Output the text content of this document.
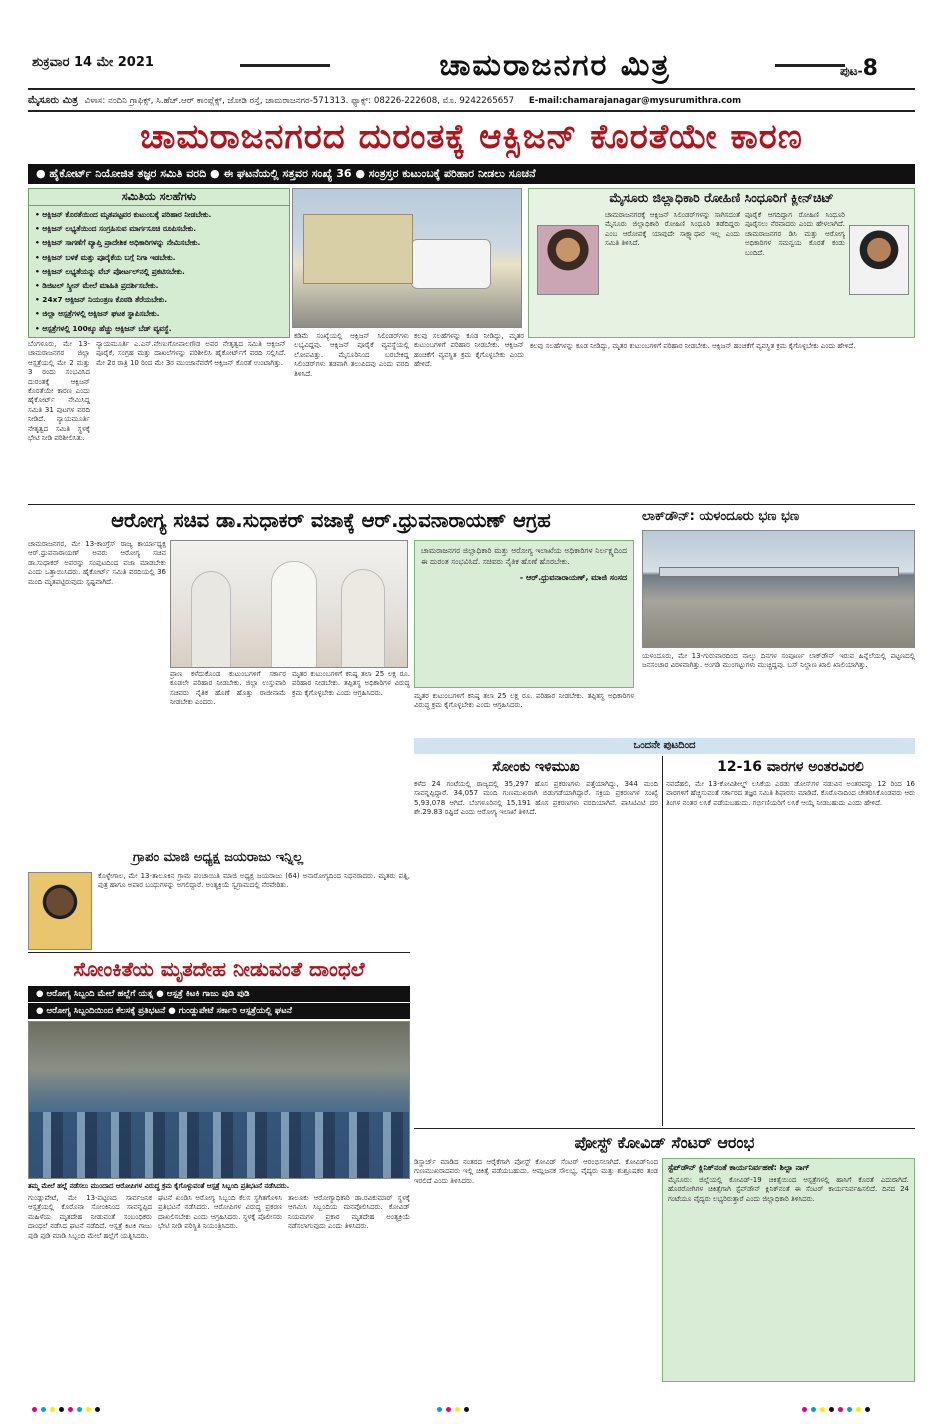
ಶುಕ್ರವಾರ 14 ಮೇ 2021	ಚಾಮರಾಜನಗರ ಮಿತ್ರ	ಪುಟ-8
ಮೈಸೂರು ಮಿತ್ರ ವಿಳಾಸ: ನಂದಿನಿ ಗ್ರಾಫಿಕ್ಸ್, ಸಿ.ಹೆಚ್.ಆರ್ ಕಾಂಪ್ಲೆಕ್ಸ್, ಜೋಡಿ ರಸ್ತೆ, ಚಾಮರಾಜನಗರ-571313. ಫ್ಯಾಕ್ಸ್: 08226-222608, ಮೊ. 9242265657 E-mail:chamarajanagar@mysurumithra.com
ಚಾಮರಾಜನಗರದ ದುರಂತಕ್ಕೆ ಆಕ್ಸಿಜನ್ ಕೊರತೆಯೇ ಕಾರಣ
● ಹೈಕೋರ್ಟ್ ನಿಯೋಜಿತ ತಜ್ಞರ ಸಮಿತಿ ವರದಿ ● ಈ ಘಟನೆಯಲ್ಲಿ ಸತ್ತವರ ಸಂಖ್ಯೆ 36 ● ಸಂತ್ರಸ್ತರ ಕುಟುಂಬಕ್ಕೆ ಪರಿಹಾರ ನೀಡಲು ಸೂಚನೆ
ಸಮಿತಿಯ ಸಲಹೆಗಳು
• ಆಕ್ಸಿಜನ್ ಕೊರತೆಯಿಂದ ಮೃತಪಟ್ಟವರ ಕುಟುಂಬಕ್ಕೆ ಪರಿಹಾರ ನೀಡಬೇಕು.
• ಆಕ್ಸಿಜನ್ ಲಭ್ಯತೆಯಿಂದ ಸಂಗ್ರಹಿಸುವ ಮಾರ್ಗಸೂಚಿ ರೂಪಿಸಬೇಕು.
• ಆಕ್ಸಿಜನ್ ಸಾಗಣೆಗೆ ವ್ಯಾಪ್ತಿ ಪ್ರಾದೇಶಿಕ ಅಧಿಕಾರಿಗಳನ್ನು ನೇಮಿಸಬೇಕು.
• ಆಕ್ಸಿಜನ್ ಬಳಕೆ ಮತ್ತು ಪೂರೈಕೆಯ ಬಗ್ಗೆ ನಿಗಾ ಇಡಬೇಕು.
• ಆಕ್ಸಿಜನ್ ಲಭ್ಯತೆಯನ್ನು ವೆಬ್ ಪೋರ್ಟಲ್‌ನಲ್ಲಿ ಪ್ರಕಟಿಸಬೇಕು.
• ಡಿಜಿಟಲ್ ಸ್ಕ್ರೀನ್ ಮೇಲೆ ಮಾಹಿತಿ ಪ್ರದರ್ಶಿಸಬೇಕು.
• 24x7 ಆಕ್ಸಿಜನ್ ನಿಯಂತ್ರಣ ಕೊಠಡಿ ತೆರೆಯಬೇಕು.
• ಜಿಲ್ಲಾ ಆಸ್ಪತ್ರೆಗಳಲ್ಲಿ ಆಕ್ಸಿಜನ್ ಘಟಕ ಸ್ಥಾಪಿಸಬೇಕು.
• ಆಸ್ಪತ್ರೆಗಳಲ್ಲಿ 100ಕ್ಕೂ ಹೆಚ್ಚು ಆಕ್ಸಿಜನ್ ಬೆಡ್ ವ್ಯವಸ್ಥೆ.
ಬೆಂಗಳೂರು, ಮೇ 13-ಚಾಮರಾಜನಗರ ಜಿಲ್ಲಾ ಆಸ್ಪತ್ರೆಯಲ್ಲಿ ಮೇ 2 ಮತ್ತು 3 ರಂದು ಸಂಭವಿಸಿದ ದುರಂತಕ್ಕೆ ಆಕ್ಸಿಜನ್ ಕೊರತೆಯೇ ಕಾರಣ ಎಂದು ಹೈಕೋರ್ಟ್ ನೇಮಿಸಿದ್ದ ಸಮಿತಿ 31 ಪುಟಗಳ ವರದಿ ನೀಡಿದೆ. ನ್ಯಾಯಮೂರ್ತಿ ನೇತೃತ್ವದ ಸಮಿತಿ ಸ್ಥಳಕ್ಕೆ ಭೇಟಿ ನೀಡಿ ಪರಿಶೀಲಿಸಿತು.
ನ್ಯಾಯಮೂರ್ತಿ ಎ.ಎನ್.ವೇಣುಗೋಪಾಲಗೌಡ ಅವರ ನೇತೃತ್ವದ ಸಮಿತಿ ಆಕ್ಸಿಜನ್ ಪೂರೈಕೆ, ಸಂಗ್ರಹ ಮತ್ತು ದಾಖಲೆಗಳನ್ನು ಪರಿಶೀಲಿಸಿ ಹೈಕೋರ್ಟ್‌ಗೆ ವರದಿ ಸಲ್ಲಿಸಿದೆ. ಮೇ 2ರ ರಾತ್ರಿ 10 ರಿಂದ ಮೇ 3ರ ಮುಂಜಾನೆವರೆಗೆ ಆಕ್ಸಿಜನ್ ಕೊರತೆ ಉಂಟಾಗಿತ್ತು.
ಕಡಿಮೆ ಸಂಖ್ಯೆಯಲ್ಲಿ ಆಕ್ಸಿಜನ್ ಸಿಲಿಂಡರ್‌ಗಳು ಲಭ್ಯವಿದ್ದವು. ಆಕ್ಸಿಜನ್ ಪೂರೈಕೆ ವ್ಯವಸ್ಥೆಯಲ್ಲಿ ಲೋಪವಿತ್ತು. ಮೈಸೂರಿನಿಂದ ಬರಬೇಕಿದ್ದ ಸಿಲಿಂಡರ್‌ಗಳು ತಡವಾಗಿ ತಲುಪಿದವು ಎಂದು ವರದಿ ತಿಳಿಸಿದೆ.
ಕಲವು ಸಲಹೆಗಳನ್ನು ಕೂಡ ನೀಡಿದ್ದು, ಮೃತರ ಕುಟುಂಬಗಳಿಗೆ ಪರಿಹಾರ ನೀಡಬೇಕು. ಆಕ್ಸಿಜನ್ ಹಂಚಿಕೆಗೆ ವ್ಯವಸ್ಥಿತ ಕ್ರಮ ಕೈಗೊಳ್ಳಬೇಕು ಎಂದು ಹೇಳಿದೆ.
ಮೈಸೂರು ಜಿಲ್ಲಾಧಿಕಾರಿ ರೋಹಿಣಿ ಸಿಂಧೂರಿಗೆ ಕ್ಲೀನ್‌ಚಿಟ್
ಚಾಮರಾಜನಗರಕ್ಕೆ ಆಕ್ಸಿಜನ್ ಸಿಲಿಂಡರ್‌ಗಳನ್ನು ಸಾಗಿಸದಂತೆ ಮೈಸೂರು ಜಿಲ್ಲಾಧಿಕಾರಿ ರೋಹಿಣಿ ಸಿಂಧೂರಿ ತಡೆದಿದ್ದರು ಎಂಬ ಆರೋಪಕ್ಕೆ ಯಾವುದೇ ಸಾಕ್ಷ್ಯಾಧಾರ ಇಲ್ಲ ಎಂದು ಸಮಿತಿ ತಿಳಿಸಿದೆ.
ಪೂರೈಕೆ ಆಗದಿದ್ದಾಗ ರೋಹಿಣಿ ಸಿಂಧೂರಿ ಪೂರೈಸಲು ನೆರವಾದರು ಎಂದು ಹೇಳಲಾಗಿದೆ. ಚಾಮರಾಜನಗರ ಡಿಸಿ ಮತ್ತು ಆರೋಗ್ಯ ಅಧಿಕಾರಿಗಳ ಸಮನ್ವಯ ಕೊರತೆ ಕಂಡು ಬಂದಿದೆ.
ಕಲವು ಸಲಹೆಗಳನ್ನು ಕೂಡ ನೀಡಿದ್ದು, ಮೃತರ ಕುಟುಂಬಗಳಿಗೆ ಪರಿಹಾರ ನೀಡಬೇಕು. ಆಕ್ಸಿಜನ್ ಹಂಚಿಕೆಗೆ ವ್ಯವಸ್ಥಿತ ಕ್ರಮ ಕೈಗೊಳ್ಳಬೇಕು ಎಂದು ಹೇಳಿದೆ.
ಆರೋಗ್ಯ ಸಚಿವ ಡಾ.ಸುಧಾಕರ್ ವಜಾಕ್ಕೆ ಆರ್.ಧ್ರುವನಾರಾಯಣ್ ಆಗ್ರಹ
ಚಾಮರಾಜನಗರ, ಮೇ 13-ಕಾಂಗ್ರೆಸ್ ರಾಜ್ಯ ಕಾರ್ಯಾಧ್ಯಕ್ಷ ಆರ್.ಧ್ರುವನಾರಾಯಣ್ ಅವರು ಆರೋಗ್ಯ ಸಚಿವ ಡಾ.ಸುಧಾಕರ್ ಅವರನ್ನು ಸಂಪುಟದಿಂದ ವಜಾ ಮಾಡಬೇಕು ಎಂದು ಒತ್ತಾಯಿಸಿದರು. ಹೈಕೋರ್ಟ್ ಸಮಿತಿ ವರದಿಯಲ್ಲಿ 36 ಮಂದಿ ಮೃತಪಟ್ಟಿರುವುದು ಸ್ಪಷ್ಟವಾಗಿದೆ.
ಪ್ರಾಣ ಕಳೆದುಕೊಂಡ ಕುಟುಂಬಗಳಿಗೆ ಸರ್ಕಾರ ಕೂಡಲೇ ಪರಿಹಾರ ನೀಡಬೇಕು. ಜಿಲ್ಲಾ ಉಸ್ತುವಾರಿ ಸಚಿವರು ನೈತಿಕ ಹೊಣೆ ಹೊತ್ತು ರಾಜೀನಾಮೆ ನೀಡಬೇಕು ಎಂದರು.
ಮೃತರ ಕುಟುಂಬಗಳಿಗೆ ಕನಿಷ್ಠ ತಲಾ 25 ಲಕ್ಷ ರೂ. ಪರಿಹಾರ ನೀಡಬೇಕು. ತಪ್ಪಿತಸ್ಥ ಅಧಿಕಾರಿಗಳ ವಿರುದ್ಧ ಕ್ರಮ ಕೈಗೊಳ್ಳಬೇಕು ಎಂದು ಆಗ್ರಹಿಸಿದರು.
ಚಾಮರಾಜನಗರ ಜಿಲ್ಲಾಧಿಕಾರಿ ಮತ್ತು ಆರೋಗ್ಯ ಇಲಾಖೆಯ ಅಧಿಕಾರಿಗಳ ನಿರ್ಲಕ್ಷ್ಯದಿಂದ ಈ ದುರಂತ ಸಂಭವಿಸಿದೆ. ಸಚಿವರು ನೈತಿಕ ಹೊಣೆ ಹೊರಬೇಕು.
- ಆರ್.ಧ್ರುವನಾರಾಯಣ್, ಮಾಜಿ ಸಂಸದ
ಮೃತರ ಕುಟುಂಬಗಳಿಗೆ ಕನಿಷ್ಠ ತಲಾ 25 ಲಕ್ಷ ರೂ. ಪರಿಹಾರ ನೀಡಬೇಕು. ತಪ್ಪಿತಸ್ಥ ಅಧಿಕಾರಿಗಳ ವಿರುದ್ಧ ಕ್ರಮ ಕೈಗೊಳ್ಳಬೇಕು ಎಂದು ಆಗ್ರಹಿಸಿದರು.
ಲಾಕ್‌ಡೌನ್: ಯಳಂದೂರು ಭಣ ಭಣ
ಯಳಂದೂರು, ಮೇ 13-ಗುರುವಾರದಿಂದ ನಾಲ್ಕು ದಿನಗಳ ಸಂಪೂರ್ಣ ಲಾಕ್‌ಡೌನ್ ಇರುವ ಹಿನ್ನೆಲೆಯಲ್ಲಿ ಪಟ್ಟಣದಲ್ಲಿ ಜನಸಂಚಾರ ವಿರಳವಾಗಿತ್ತು. ಅಂಗಡಿ ಮುಂಗಟ್ಟುಗಳು ಮುಚ್ಚಿದ್ದವು. ಬಸ್ ನಿಲ್ದಾಣ ಖಾಲಿ ಖಾಲಿಯಾಗಿತ್ತು.
ಗ್ರಾಪಂ ಮಾಜಿ ಅಧ್ಯಕ್ಷ ಜಯರಾಜು ಇನ್ನಿಲ್ಲ
ಕೊಳ್ಳೇಗಾಲ, ಮೇ 13-ತಾಲೂಕಿನ ಗ್ರಾಮ ಪಂಚಾಯಿತಿ ಮಾಜಿ ಅಧ್ಯಕ್ಷ ಜಯರಾಜು (64) ಅನಾರೋಗ್ಯದಿಂದ ನಿಧನರಾದರು. ಮೃತರು ಪತ್ನಿ, ಪುತ್ರ ಹಾಗೂ ಅಪಾರ ಬಂಧುಗಳನ್ನು ಅಗಲಿದ್ದಾರೆ. ಅಂತ್ಯಕ್ರಿಯೆ ಸ್ವಗ್ರಾಮದಲ್ಲಿ ನೆರವೇರಿತು.
ಸೋಂಕಿತೆಯ ಮೃತದೇಹ ನೀಡುವಂತೆ ದಾಂಧಲೆ
● ಆರೋಗ್ಯ ಸಿಬ್ಬಂದಿ ಮೇಲೆ ಹಲ್ಲೆಗೆ ಯತ್ನ ● ಆಸ್ಪತ್ರೆ ಕಿಟಕಿ ಗಾಜು ಪುಡಿ ಪುಡಿ
● ಆರೋಗ್ಯ ಸಿಬ್ಬಂದಿಯಿಂದ ಕೆಲಸಕ್ಕೆ ಪ್ರತಿಭಟನೆ ● ಗುಂಡ್ಲುಪೇಟೆ ಸರ್ಕಾರಿ ಆಸ್ಪತ್ರೆಯಲ್ಲಿ ಘಟನೆ
ತಮ್ಮ ಮೇಲೆ ಹಲ್ಲೆ ನಡೆಸಲು ಮುಂದಾದ ಆರೋಪಿಗಳ ವಿರುದ್ಧ ಕ್ರಮ ಕೈಗೊಳ್ಳುವಂತೆ ಆಸ್ಪತ್ರೆ ಸಿಬ್ಬಂದಿ ಪ್ರತಿಭಟನೆ ನಡೆಸಿದರು.
ಗುಂಡ್ಲುಪೇಟೆ, ಮೇ 13-ಪಟ್ಟಣದ ಸಾರ್ವಜನಿಕ ಆಸ್ಪತ್ರೆಯಲ್ಲಿ ಕೊರೊನಾ ಸೋಂಕಿನಿಂದ ಸಾವನ್ನಪ್ಪಿದ ಮಹಿಳೆಯ ಮೃತದೇಹ ನೀಡುವಂತೆ ಸಂಬಂಧಿಕರು ದಾಂಧಲೆ ನಡೆಸಿದ ಘಟನೆ ನಡೆದಿದೆ. ಆಸ್ಪತ್ರೆ ಕಿಟಕಿ ಗಾಜು ಪುಡಿ ಪುಡಿ ಮಾಡಿ ಸಿಬ್ಬಂದಿ ಮೇಲೆ ಹಲ್ಲೆಗೆ ಯತ್ನಿಸಿದರು.
ಘಟನೆ ಖಂಡಿಸಿ ಆರೋಗ್ಯ ಸಿಬ್ಬಂದಿ ಕೆಲಸ ಸ್ಥಗಿತಗೊಳಿಸಿ ಪ್ರತಿಭಟನೆ ನಡೆಸಿದರು. ಆರೋಪಿಗಳ ವಿರುದ್ಧ ಪ್ರಕರಣ ದಾಖಲಿಸಬೇಕು ಎಂದು ಆಗ್ರಹಿಸಿದರು. ಸ್ಥಳಕ್ಕೆ ಪೊಲೀಸರು ಭೇಟಿ ನೀಡಿ ಪರಿಸ್ಥಿತಿ ನಿಯಂತ್ರಿಸಿದರು.
ತಾಲೂಕು ಆರೋಗ್ಯಾಧಿಕಾರಿ ಡಾ.ರವಿಕುಮಾರ್ ಸ್ಥಳಕ್ಕೆ ಆಗಮಿಸಿ ಸಿಬ್ಬಂದಿಯ ಮನವೊಲಿಸಿದರು. ಕೋವಿಡ್ ನಿಯಮಗಳ ಪ್ರಕಾರ ಮೃತದೇಹ ಅಂತ್ಯಕ್ರಿಯೆ ನಡೆಸಲಾಗುವುದು ಎಂದು ತಿಳಿಸಿದರು.
ಒಂದನೇ ಪುಟದಿಂದ
ಸೋಂಕು ಇಳಿಮುಖ
ಕಳೆದ 24 ಗಂಟೆಯಲ್ಲಿ ರಾಜ್ಯದಲ್ಲಿ 35,297 ಹೊಸ ಪ್ರಕರಣಗಳು ಪತ್ತೆಯಾಗಿದ್ದು, 344 ಮಂದಿ ಸಾವನ್ನಪ್ಪಿದ್ದಾರೆ. 34,057 ಮಂದಿ ಗುಣಮುಖರಾಗಿ ಬಿಡುಗಡೆಯಾಗಿದ್ದಾರೆ. ಸಕ್ರಿಯ ಪ್ರಕರಣಗಳ ಸಂಖ್ಯೆ 5,93,078 ಆಗಿದೆ. ಬೆಂಗಳೂರಿನಲ್ಲಿ 15,191 ಹೊಸ ಪ್ರಕರಣಗಳು ವರದಿಯಾಗಿವೆ. ಪಾಸಿಟಿವಿಟಿ ದರ ಶೇ.29.83 ರಷ್ಟಿದೆ ಎಂದು ಆರೋಗ್ಯ ಇಲಾಖೆ ತಿಳಿಸಿದೆ.
12-16 ವಾರಗಳ ಅಂತರವಿರಲಿ
ನವದೆಹಲಿ, ಮೇ 13-ಕೋವಿಶೀಲ್ಡ್ ಲಸಿಕೆಯ ಎರಡು ಡೋಸ್‌ಗಳ ನಡುವಿನ ಅಂತರವನ್ನು 12 ರಿಂದ 16 ವಾರಗಳಿಗೆ ಹೆಚ್ಚಿಸುವಂತೆ ಸರ್ಕಾರದ ತಜ್ಞರ ಸಮಿತಿ ಶಿಫಾರಸು ಮಾಡಿದೆ. ಕೊರೊನಾದಿಂದ ಚೇತರಿಸಿಕೊಂಡವರು ಆರು ತಿಂಗಳ ನಂತರ ಲಸಿಕೆ ಪಡೆಯಬಹುದು. ಗರ್ಭಿಣಿಯರಿಗೆ ಲಸಿಕೆ ಆಯ್ಕೆ ನೀಡಬಹುದು ಎಂದು ಹೇಳಿದೆ.
ಪೋಸ್ಟ್ ಕೋವಿಡ್ ಸೆಂಟರ್ ಆರಂಭ
ಡಿಸ್ಚಾರ್ಜ್ ಮಾಡಿದ ನಂತರದ ಆರೈಕೆಗಾಗಿ ಪೋಸ್ಟ್ ಕೋವಿಡ್ ಸೆಂಟರ್ ಆರಂಭಿಸಲಾಗಿದೆ. ಕೋವಿಡ್‌ನಿಂದ ಗುಣಮುಖರಾದವರು ಇಲ್ಲಿ ಚಿಕಿತ್ಸೆ ಪಡೆಯಬಹುದು. ಆಮ್ಲಜನಕ ಸೌಲಭ್ಯ, ವೈದ್ಯರು ಮತ್ತು ಶುಶ್ರೂಷಕರ ತಂಡ ಇರಲಿದೆ ಎಂದು ತಿಳಿಸಿದರು.
ಸ್ಟೆಪ್‌ಡೌನ್ ಕ್ಲಿನಿಕ್‌ನಂತೆ ಕಾರ್ಯನಿರ್ವಹಣೆ: ಶಿಲ್ಪಾ ನಾಗ್
ಮೈಸೂರು: ಜಿಲ್ಲೆಯಲ್ಲಿ ಕೋವಿಡ್-19 ಚಿಕಿತ್ಸೆಯಿಂದ ಆಸ್ಪತ್ರೆಗಳಲ್ಲಿ ಹಾಸಿಗೆ ಕೊರತೆ ಎದುರಾಗಿದೆ. ಹೊರರೋಗಿಗಳ ಚಿಕಿತ್ಸೆಗಾಗಿ ಸ್ಟೆಪ್‌ಡೌನ್ ಕ್ಲಿನಿಕ್‌ನಂತೆ ಈ ಸೆಂಟರ್ ಕಾರ್ಯನಿರ್ವಹಿಸಲಿದೆ. ದಿನದ 24 ಗಂಟೆಯೂ ವೈದ್ಯರು ಲಭ್ಯರಿರುತ್ತಾರೆ ಎಂದು ಜಿಲ್ಲಾಧಿಕಾರಿ ತಿಳಿಸಿದರು.
